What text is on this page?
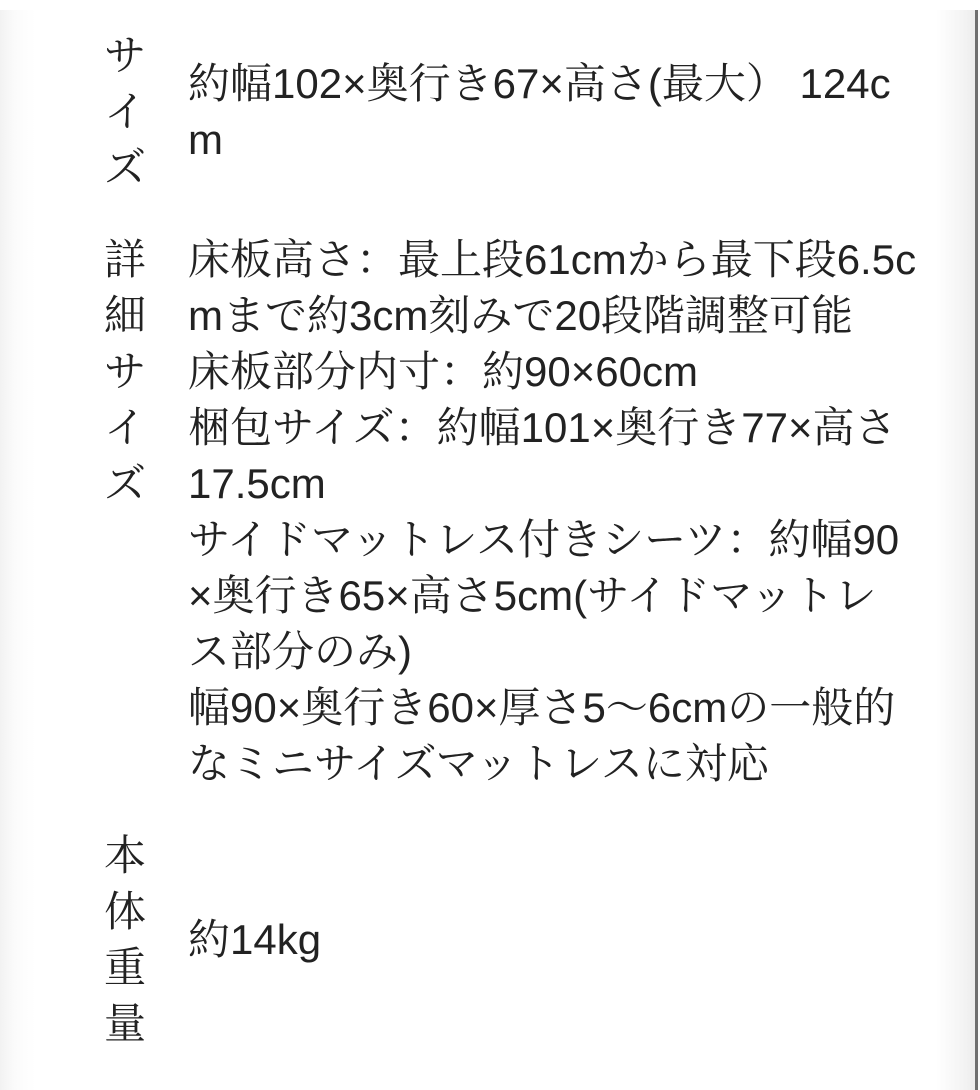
サイズ	約幅102×奥行き67×高さ(最大） 124c
m

詳細サイズ	
床板高さ：最上段61cmから最下段6.5c
mまで約3cm刻みで20段階調整可能
床板部分内寸：約90×60cm
梱包サイズ：約幅101×奥行き77×高さ
17.5cm
サイドマットレス付きシーツ：約幅90
×奥行き65×高さ5cm(サイドマットレ
ス部分のみ)
幅90×奥行き60×厚さ5〜6cmの一般的
なミニサイズマットレスに対応

本体重量	約14kg
